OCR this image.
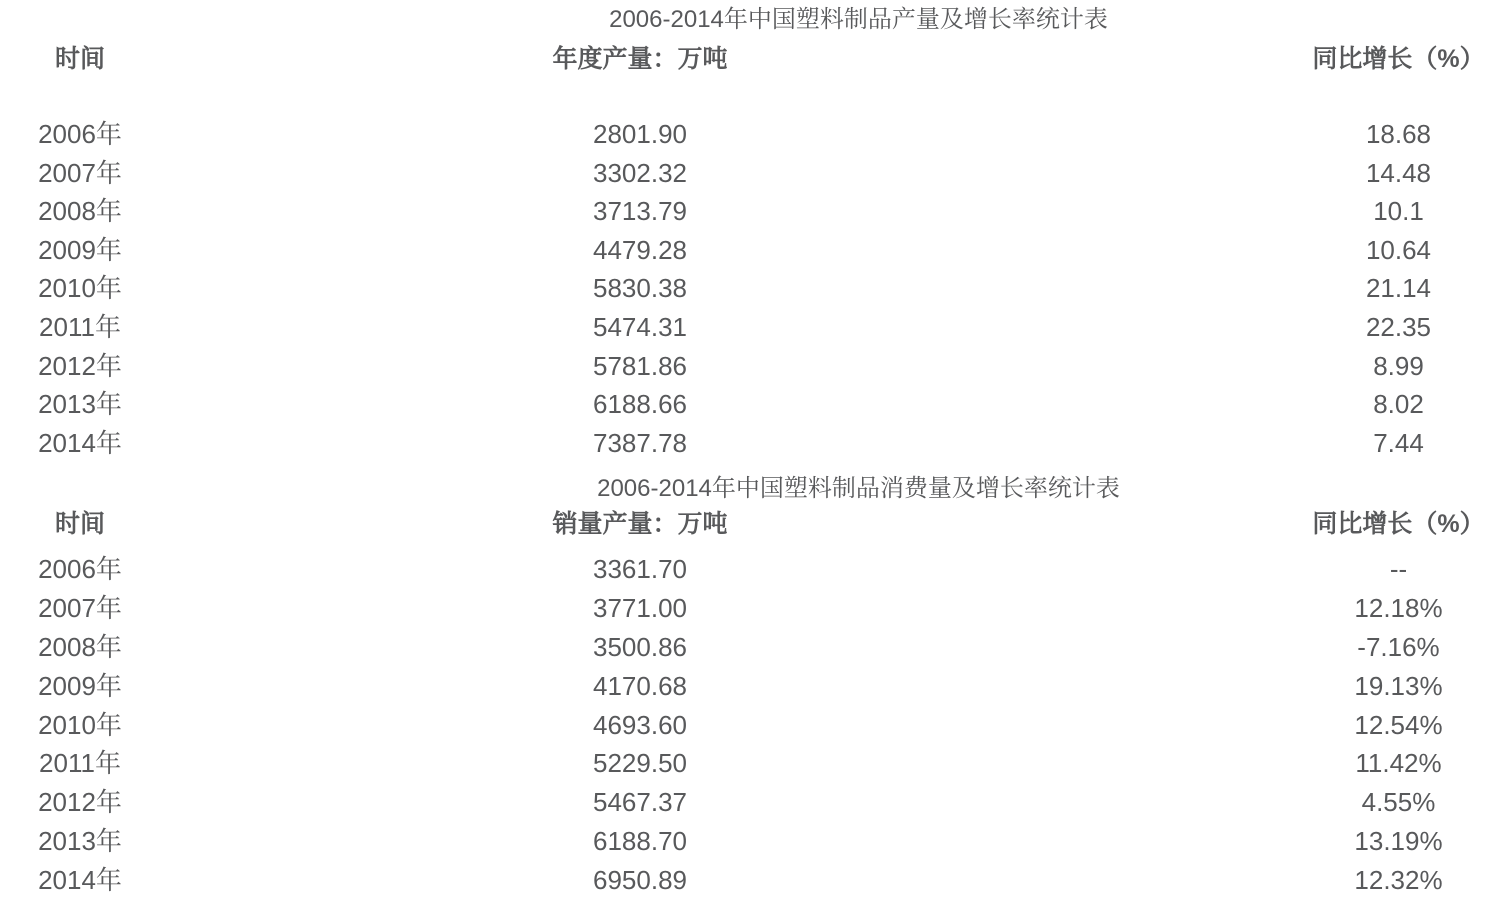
2006-2014年中国塑料制品产量及增长率统计表
时间	年度产量：万吨	同比增长（%）
2006年	2801.90	18.68
2007年	3302.32	14.48
2008年	3713.79	10.1
2009年	4479.28	10.64
2010年	5830.38	21.14
2011年	5474.31	22.35
2012年	5781.86	8.99
2013年	6188.66	8.02
2014年	7387.78	7.44
2006-2014年中国塑料制品消费量及增长率统计表
时间	销量产量：万吨	同比增长（%）
2006年	3361.70	--
2007年	3771.00	12.18%
2008年	3500.86	-7.16%
2009年	4170.68	19.13%
2010年	4693.60	12.54%
2011年	5229.50	11.42%
2012年	5467.37	4.55%
2013年	6188.70	13.19%
2014年	6950.89	12.32%
